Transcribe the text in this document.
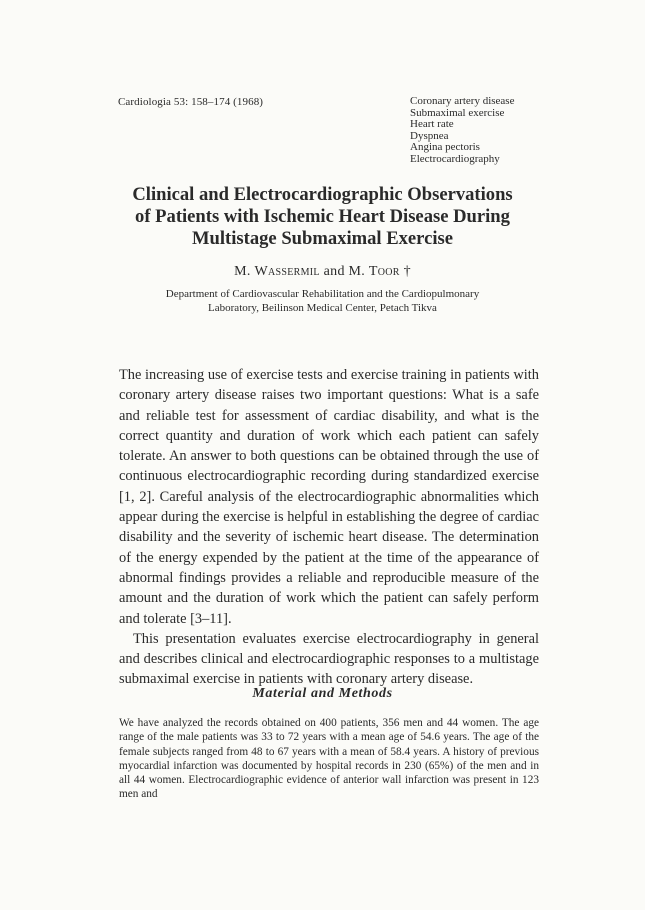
Cardiologia 53: 158–174 (1968)	Coronary artery disease
Submaximal exercise
Heart rate
Dyspnea
Angina pectoris
Electrocardiography
Clinical and Electrocardiographic Observations
of Patients with Ischemic Heart Disease During
Multistage Submaximal Exercise
M. Wassermil and M. Toor †
Department of Cardiovascular Rehabilitation and the Cardiopulmonary
Laboratory, Beilinson Medical Center, Petach Tikva

The increasing use of exercise tests and exercise training in patients with coronary artery disease raises two important questions: What is a safe and reliable test for assessment of cardiac disability, and what is the correct quantity and duration of work which each patient can safely tolerate. An answer to both questions can be obtained through the use of continuous electrocardiographic recording during standardized exercise [1, 2]. Careful analysis of the electrocardiographic abnormalities which appear during the exercise is helpful in establishing the degree of cardiac disability and the severity of ischemic heart disease. The determination of the energy expended by the patient at the time of the appearance of abnormal findings provides a reliable and reproducible measure of the amount and the duration of work which the patient can safely perform and tolerate [3–11].

This presentation evaluates exercise electrocardiography in general and describes clinical and electrocardiographic responses to a multistage submaximal exercise in patients with coronary artery disease.

Material and Methods

We have analyzed the records obtained on 400 patients, 356 men and 44 women. The age range of the male patients was 33 to 72 years with a mean age of 54.6 years. The age of the female subjects ranged from 48 to 67 years with a mean of 58.4 years. A history of previous myocardial infarction was documented by hospital records in 230 (65%) of the men and in all 44 women. Electrocardiographic evidence of anterior wall infarction was present in 123 men and
